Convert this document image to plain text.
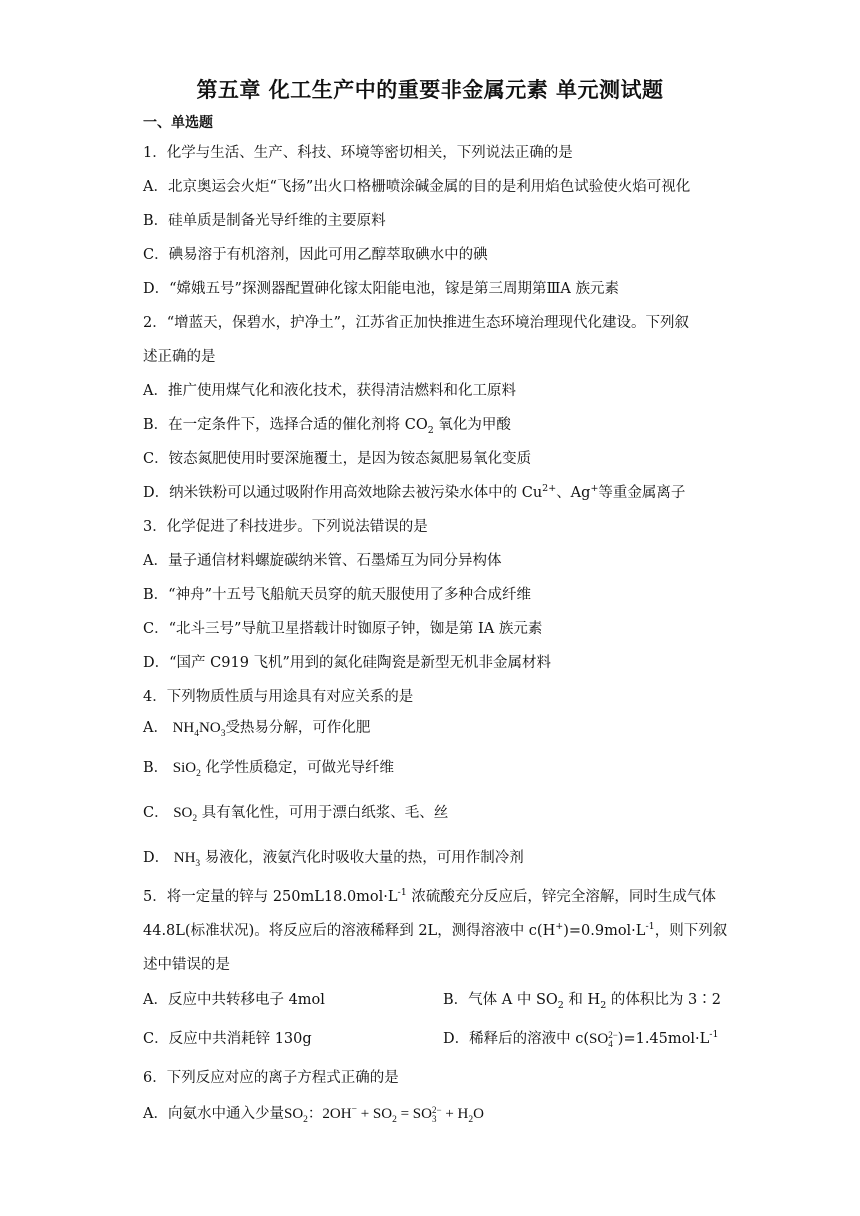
第五章 化工生产中的重要非金属元素 单元测试题
一、单选题
1．化学与生活、生产、科技、环境等密切相关，下列说法正确的是
A．北京奥运会火炬“飞扬”出火口格栅喷涂碱金属的目的是利用焰色试验使火焰可视化
B．硅单质是制备光导纤维的主要原料
C．碘易溶于有机溶剂，因此可用乙醇萃取碘水中的碘
D．“嫦娥五号”探测器配置砷化镓太阳能电池，镓是第三周期第ⅢA 族元素
2．“增蓝天，保碧水，护净土”，江苏省正加快推进生态环境治理现代化建设。下列叙
述正确的是
A．推广使用煤气化和液化技术，获得清洁燃料和化工原料
B．在一定条件下，选择合适的催化剂将 $CO_2$ 氧化为甲酸
C．铵态氮肥使用时要深施覆土，是因为铵态氮肥易氧化变质
D．纳米铁粉可以通过吸附作用高效地除去被污染水体中的 $Cu^{2+}$、Ag+等重金属离子
3．化学促进了科技进步。下列说法错误的是
A．量子通信材料螺旋碳纳米管、石墨烯互为同分异构体
B．“神舟”十五号飞船航天员穿的航天服使用了多种合成纤维
C．“北斗三号”导航卫星搭载计时铷原子钟，铷是第 IA 族元素
D．“国产 C919 飞机”用到的氮化硅陶瓷是新型无机非金属材料
4．下列物质性质与用途具有对应关系的是
A． $NH_4NO_3$受热易分解，可作化肥
B． SiO$_2$ 化学性质稳定，可做光导纤维
C． $SO_2$ 具有氧化性，可用于漂白纸浆、毛、丝
D． $NH_3$ 易液化，液氨汽化时吸收大量的热，可用作制冷剂
5．将一定量的锌与 $250mL18.0mol\cdot L^{-1}$ 浓硫酸充分反应后，锌完全溶解，同时生成气体
44.8L(标准状况)。将反应后的溶液稀释到 2L，测得溶液中 $c(H^+)=0.9mol\cdot L^{-1}$，则下列叙
述中错误的是
A．反应中共转移电子 4mol	B．气体 A 中 $SO_2$ 和 $H_2$ 的体积比为 3∶2
C．反应中共消耗锌 130g	D．稀释后的溶液中 c(SO 2−
4 )$=1.45mol\cdot L^{-1}$
6．下列反应对应的离子方程式正确的是
A．向氨水中通入少量$SO_2$：$2OH^- + SO_2$ = SO 2−
$3 + H_2O$
